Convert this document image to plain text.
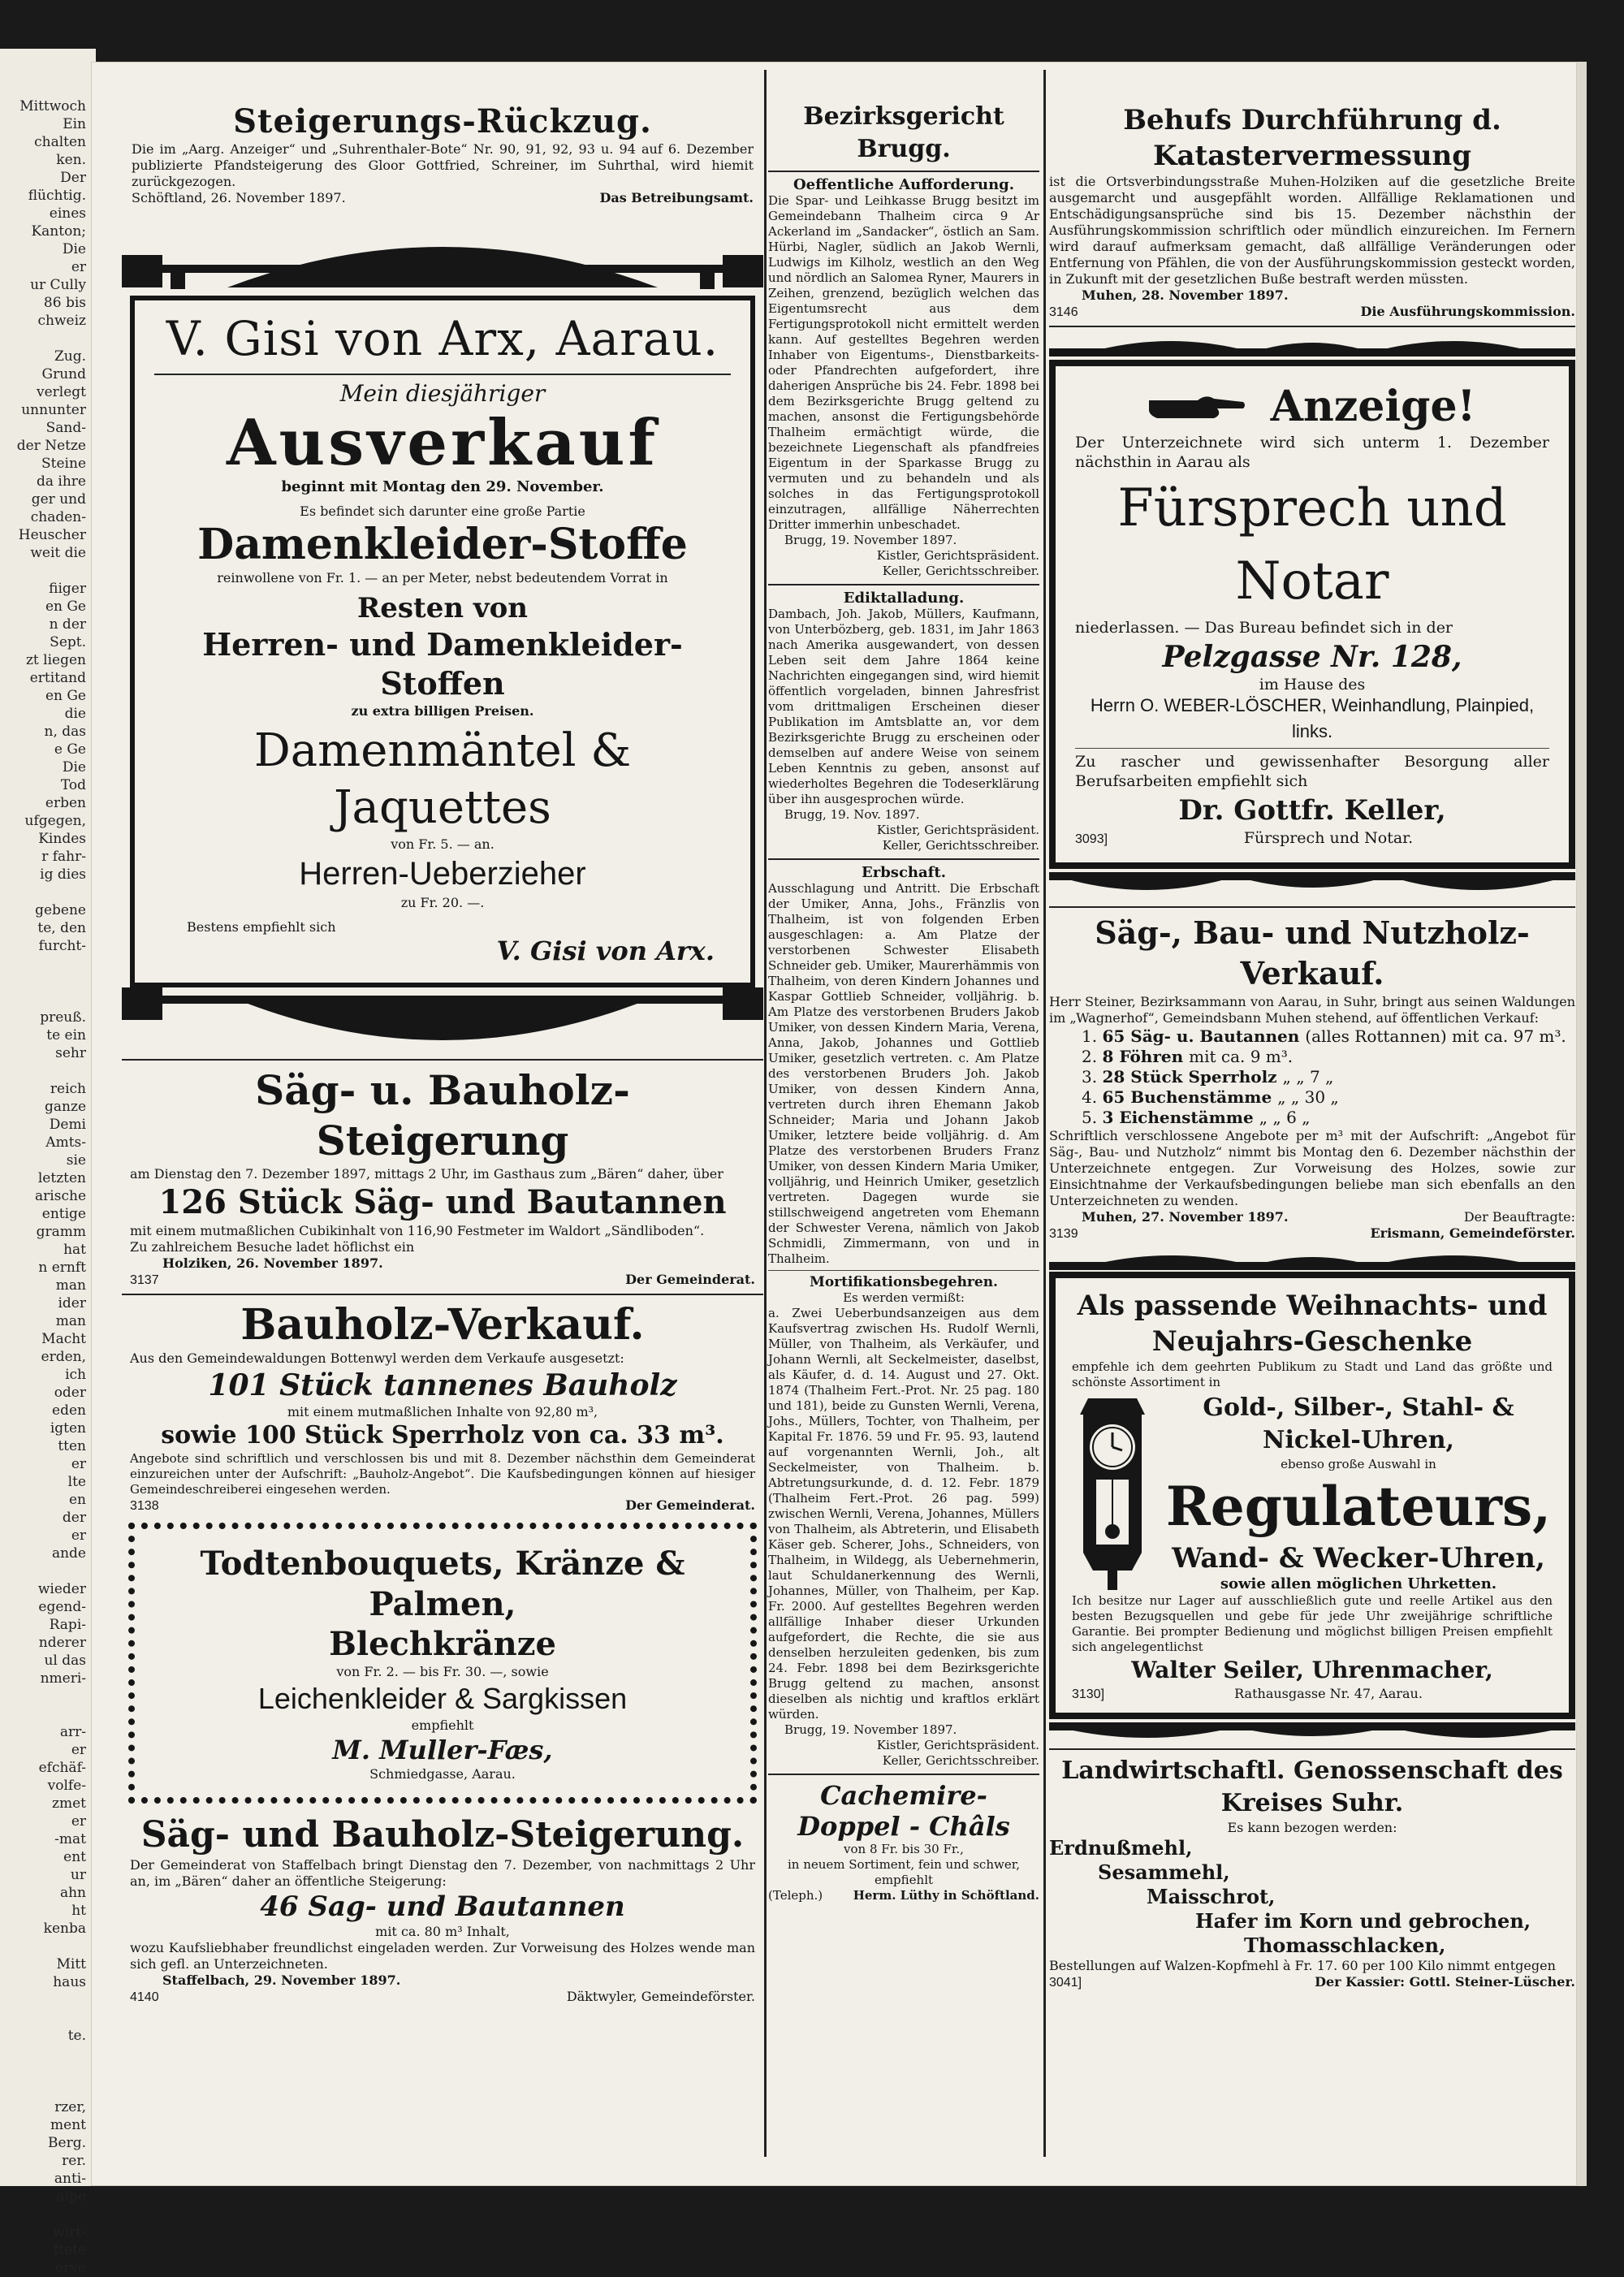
Mittwoch
Ein
chalten
ken.
Der
flüchtig.
eines
Kanton;
Die
er
ur Cully
86 bis
chweiz

Zug.
Grund
verlegt
unnunter
Sand-
der Netze
Steine
da ihre
ger und
chaden-
Heuscher
weit die

fiiger
en Ge
n der
Sept.
zt liegen
ertitand
en Ge
die
n, das
e Ge
Die
Tod
erben
ufgegen,
Kindes
r fahr-
ig dies

gebene
te, den
furcht-

preuß.
te ein
sehr

reich
ganze
Demi
Amts-
sie
letzten
arische
entige
gramm
hat
n ernft
man
ider
man
Macht
erden,
ich
oder
eden
igten
tten
er
lte
en
der
er
ande

wieder
egend-
Rapi-
nderer
ul das
nmeri-

arr-
er
efchäf-
volfe-
zmet
er
-mat
ent
ur
ahn
ht
kenba

Mitt
haus

te.

rzer,
ment
Berg.
rer.
anti-
alpe

wirt-
ftete
erve
Steigerungs-Rückzug.
Die im „Aarg. Anzeiger“ und „Suhrenthaler-Bote“ Nr. 90, 91, 92, 93 u. 94 auf 6. Dezember publizierte Pfandsteigerung des Gloor Gottfried, Schreiner, im Suhrthal, wird hiemit zurückgezogen.
Schöftland, 26. November 1897.	Das Betreibungsamt.
V. Gisi von Arx, Aarau.
Mein diesjähriger
Ausverkauf
beginnt mit Montag den 29. November.
Es befindet sich darunter eine große Partie
Damenkleider-Stoffe
reinwollene von Fr. 1. — an per Meter, nebst bedeutendem Vorrat in
Resten von
Herren- und Damenkleider-Stoffen
zu extra billigen Preisen.
Damenmäntel & Jaquettes
von Fr. 5. — an.
Herren-Ueberzieher
zu Fr. 20. —.
Bestens empfiehlt sich
V. Gisi von Arx.
Säg- u. Bauholz-Steigerung
am Dienstag den 7. Dezember 1897, mittags 2 Uhr, im Gasthaus zum „Bären“ daher, über
126 Stück Säg- und Bautannen
mit einem mutmaßlichen Cubikinhalt von 116,90 Festmeter im Waldort „Sändliboden“.
Zu zahlreichem Besuche ladet höflichst ein
Holziken, 26. November 1897.
3137	Der Gemeinderat.
Bauholz-Verkauf.
Aus den Gemeindewaldungen Bottenwyl werden dem Verkaufe ausgesetzt:
101 Stück tannenes Bauholz
mit einem mutmaßlichen Inhalte von 92,80 m³,
sowie 100 Stück Sperrholz von ca. 33 m³.
Angebote sind schriftlich und verschlossen bis und mit 8. Dezember nächsthin dem Gemeinderat einzureichen unter der Aufschrift: „Bauholz-Angebot“. Die Kaufsbedingungen können auf hiesiger Gemeindeschreiberei eingesehen werden.
3138	Der Gemeinderat.
Todtenbouquets, Kränze & Palmen,
Blechkränze
von Fr. 2. — bis Fr. 30. —, sowie
Leichenkleider & Sargkissen
empfiehlt
M. Muller-Fæs,
Schmiedgasse, Aarau.
Säg- und Bauholz-Steigerung.
Der Gemeinderat von Staffelbach bringt Dienstag den 7. Dezember, von nachmittags 2 Uhr an, im „Bären“ daher an öffentliche Steigerung:
46 Sag- und Bautannen
mit ca. 80 m³ Inhalt,
wozu Kaufsliebhaber freundlichst eingeladen werden. Zur Vorweisung des Holzes wende man sich gefl. an Unterzeichneten.
Staffelbach, 29. November 1897.
4140	Däktwyler, Gemeindeförster.
Bezirksgericht Brugg.
Oeffentliche Aufforderung.
Die Spar- und Leihkasse Brugg besitzt im Gemeindebann Thalheim circa 9 Ar Ackerland im „Sandacker“, östlich an Sam. Hürbi, Nagler, südlich an Jakob Wernli, Ludwigs im Kilholz, westlich an den Weg und nördlich an Salomea Ryner, Maurers in Zeihen, grenzend, bezüglich welchen das Eigentumsrecht aus dem Fertigungsprotokoll nicht ermittelt werden kann. Auf gestelltes Begehren werden Inhaber von Eigentums-, Dienstbarkeits- oder Pfandrechten aufgefordert, ihre daherigen Ansprüche bis 24. Febr. 1898 bei dem Bezirksgerichte Brugg geltend zu machen, ansonst die Fertigungsbehörde Thalheim ermächtigt würde, die bezeichnete Liegenschaft als pfandfreies Eigentum in der Sparkasse Brugg zu vermuten und zu behandeln und als solches in das Fertigungsprotokoll einzutragen, allfällige Näherrechten Dritter immerhin unbeschadet.
Brugg, 19. November 1897.
Kistler, Gerichtspräsident.
Keller, Gerichtsschreiber.
Ediktalladung.
Dambach, Joh. Jakob, Müllers, Kaufmann, von Unterbözberg, geb. 1831, im Jahr 1863 nach Amerika ausgewandert, von dessen Leben seit dem Jahre 1864 keine Nachrichten eingegangen sind, wird hiemit öffentlich vorgeladen, binnen Jahresfrist vom drittmaligen Erscheinen dieser Publikation im Amtsblatte an, vor dem Bezirksgerichte Brugg zu erscheinen oder demselben auf andere Weise von seinem Leben Kenntnis zu geben, ansonst auf wiederholtes Begehren die Todeserklärung über ihn ausgesprochen würde.
Brugg, 19. Nov. 1897.
Kistler, Gerichtspräsident.
Keller, Gerichtsschreiber.
Erbschaft.
Ausschlagung und Antritt. Die Erbschaft der Umiker, Anna, Johs., Fränzlis von Thalheim, ist von folgenden Erben ausgeschlagen: a. Am Platze der verstorbenen Schwester Elisabeth Schneider geb. Umiker, Maurerhämmis von Thalheim, von deren Kindern Johannes und Kaspar Gottlieb Schneider, volljährig. b. Am Platze des verstorbenen Bruders Jakob Umiker, von dessen Kindern Maria, Verena, Anna, Jakob, Johannes und Gottlieb Umiker, gesetzlich vertreten. c. Am Platze des verstorbenen Bruders Joh. Jakob Umiker, von dessen Kindern Anna, vertreten durch ihren Ehemann Jakob Schneider; Maria und Johann Jakob Umiker, letztere beide volljährig. d. Am Platze des verstorbenen Bruders Franz Umiker, von dessen Kindern Maria Umiker, volljährig, und Heinrich Umiker, gesetzlich vertreten. Dagegen wurde sie stillschweigend angetreten vom Ehemann der Schwester Verena, nämlich von Jakob Schmidli, Zimmermann, von und in Thalheim.
Mortifikationsbegehren.
Es werden vermißt:
a. Zwei Ueberbundsanzeigen aus dem Kaufsvertrag zwischen Hs. Rudolf Wernli, Müller, von Thalheim, als Verkäufer, und Johann Wernli, alt Seckelmeister, daselbst, als Käufer, d. d. 14. August und 27. Okt. 1874 (Thalheim Fert.-Prot. Nr. 25 pag. 180 und 181), beide zu Gunsten Wernli, Verena, Johs., Müllers, Tochter, von Thalheim, per Kapital Fr. 1876. 59 und Fr. 95. 93, lautend auf vorgenannten Wernli, Joh., alt Seckelmeister, von Thalheim. b. Abtretungsurkunde, d. d. 12. Febr. 1879 (Thalheim Fert.-Prot. 26 pag. 599) zwischen Wernli, Verena, Johannes, Müllers von Thalheim, als Abtreterin, und Elisabeth Käser geb. Scherer, Johs., Schneiders, von Thalheim, in Wildegg, als Uebernehmerin, laut Schuldanerkennung des Wernli, Johannes, Müller, von Thalheim, per Kap. Fr. 2000. Auf gestelltes Begehren werden allfällige Inhaber dieser Urkunden aufgefordert, die Rechte, die sie aus denselben herzuleiten gedenken, bis zum 24. Febr. 1898 bei dem Bezirksgerichte Brugg geltend zu machen, ansonst dieselben als nichtig und kraftlos erklärt würden.
Brugg, 19. November 1897.
Kistler, Gerichtspräsident.
Keller, Gerichtsschreiber.
Cachemire-
Doppel - Châls
von 8 Fr. bis 30 Fr.,
in neuem Sortiment, fein und schwer, empfiehlt
(Teleph.)	Herm. Lüthy in Schöftland.
Behufs Durchführung d. Katastervermessung
ist die Ortsverbindungsstraße Muhen-Holziken auf die gesetzliche Breite ausgemarcht und ausgepfählt worden. Allfällige Reklamationen und Entschädigungsansprüche sind bis 15. Dezember nächsthin der Ausführungskommission schriftlich oder mündlich einzureichen. Im Fernern wird darauf aufmerksam gemacht, daß allfällige Veränderungen oder Entfernung von Pfählen, die von der Ausführungskommission gesteckt worden, in Zukunft mit der gesetzlichen Buße bestraft werden müssten.
Muhen, 28. November 1897.
3146	Die Ausführungskommission.
Anzeige!
Der Unterzeichnete wird sich unterm 1. Dezember nächsthin in Aarau als
Fürsprech und Notar
niederlassen. — Das Bureau befindet sich in der
Pelzgasse Nr. 128,
im Hause des
Herrn O. WEBER-LÖSCHER, Weinhandlung, Plainpied, links.
Zu rascher und gewissenhafter Besorgung aller Berufsarbeiten empfiehlt sich
Dr. Gottfr. Keller,
3093]	Fürsprech und Notar.
Säg-, Bau- und Nutzholz-Verkauf.
Herr Steiner, Bezirksammann von Aarau, in Suhr, bringt aus seinen Waldungen im „Wagnerhof“, Gemeindsbann Muhen stehend, auf öffentlichen Verkauf:
1. 65 Säg- u. Bautannen (alles Rottannen) mit ca. 97 m³.
2. 8 Föhren mit ca. 9 m³.
3. 28 Stück Sperrholz „ „ 7 „
4. 65 Buchenstämme „ „ 30 „
5. 3 Eichenstämme „ „ 6 „
Schriftlich verschlossene Angebote per m³ mit der Aufschrift: „Angebot für Säg-, Bau- und Nutzholz“ nimmt bis Montag den 6. Dezember nächsthin der Unterzeichnete entgegen. Zur Vorweisung des Holzes, sowie zur Einsichtnahme der Verkaufsbedingungen beliebe man sich ebenfalls an den Unterzeichneten zu wenden.
Muhen, 27. November 1897.	Der Beauftragte:
3139	Erismann, Gemeindeförster.
Als passende Weihnachts- und
Neujahrs-Geschenke
empfehle ich dem geehrten Publikum zu Stadt und Land das größte und schönste Assortiment in
Gold-, Silber-, Stahl- & Nickel-Uhren,
ebenso große Auswahl in
Regulateurs,
Wand- & Wecker-Uhren,
sowie allen möglichen Uhrketten.
Ich besitze nur Lager auf ausschließlich gute und reelle Artikel aus den besten Bezugsquellen und gebe für jede Uhr zweijährige schriftliche Garantie. Bei prompter Bedienung und möglichst billigen Preisen empfiehlt sich angelegentlichst
Walter Seiler, Uhrenmacher,
3130]	Rathausgasse Nr. 47, Aarau.
Landwirtschaftl. Genossenschaft des Kreises Suhr.
Es kann bezogen werden:
Erdnußmehl,
Sesammehl,
Maisschrot,
Hafer im Korn und gebrochen,
Thomasschlacken,
Bestellungen auf Walzen-Kopfmehl à Fr. 17. 60 per 100 Kilo nimmt entgegen
3041]	Der Kassier: Gottl. Steiner-Lüscher.
